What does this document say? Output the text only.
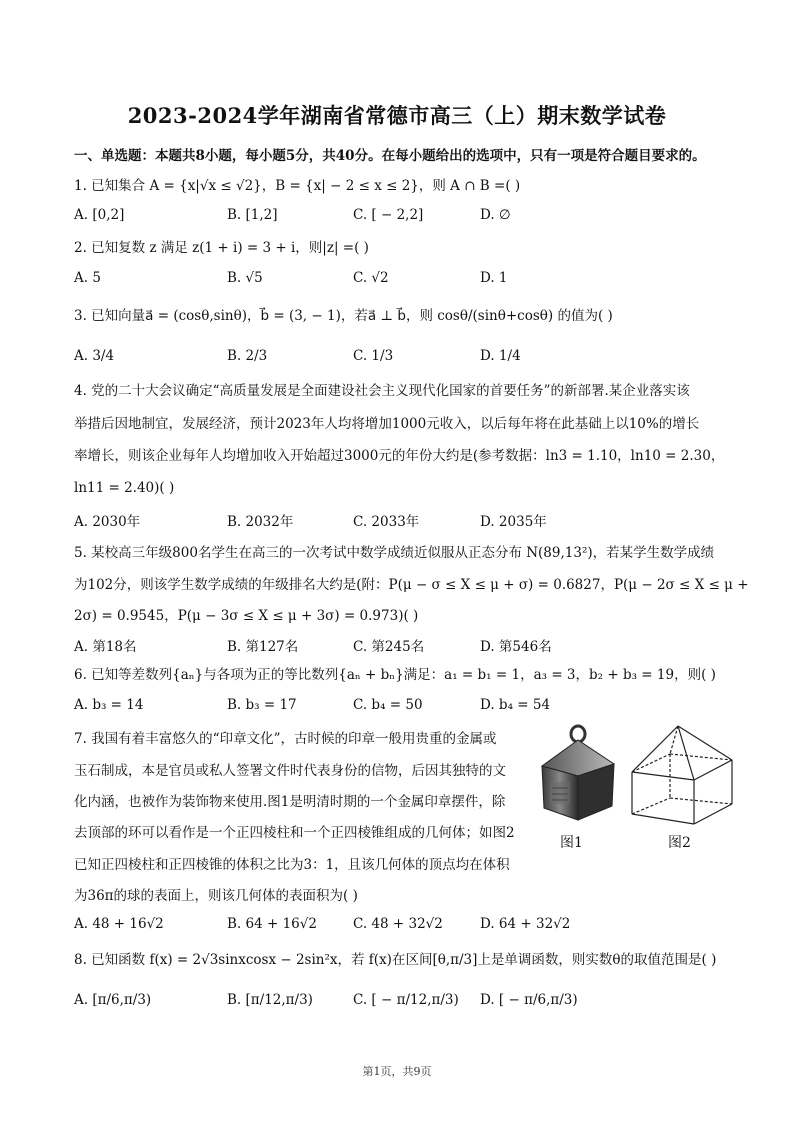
2023-2024学年湖南省常德市高三（上）期末数学试卷
一、单选题：本题共8小题，每小题5分，共40分。在每小题给出的选项中，只有一项是符合题目要求的。
1. 已知集合 A = {x|√x ≤ √2}，B = {x| − 2 ≤ x ≤ 2}，则 A ∩ B =( )
A. [0,2]	B. [1,2]	C. [ − 2,2]	D. ∅
2. 已知复数 z 满足 z(1 + i) = 3 + i，则|z| =( )
A. 5	B. √5	C. √2	D. 1
3. 已知向量a⃗ = (cosθ,sinθ)，b⃗ = (3, − 1)，若a⃗ ⊥ b⃗，则 cosθ/(sinθ+cosθ) 的值为( )
A. 3/4	B. 2/3	C. 1/3	D. 1/4
4. 党的二十大会议确定“高质量发展是全面建设社会主义现代化国家的首要任务”的新部署.某企业落实该
举措后因地制宜，发展经济，预计2023年人均将增加1000元收入，以后每年将在此基础上以10%的增长
率增长，则该企业每年人均增加收入开始超过3000元的年份大约是(参考数据：ln3 = 1.10，ln10 = 2.30，
ln11 = 2.40)( )
A. 2030年	B. 2032年	C. 2033年	D. 2035年
5. 某校高三年级800名学生在高三的一次考试中数学成绩近似服从正态分布 N(89,13²)，若某学生数学成绩
为102分，则该学生数学成绩的年级排名大约是(附：P(μ − σ ≤ X ≤ μ + σ) = 0.6827，P(μ − 2σ ≤ X ≤ μ +
2σ) = 0.9545，P(μ − 3σ ≤ X ≤ μ + 3σ) = 0.973)( )
A. 第18名	B. 第127名	C. 第245名	D. 第546名
6. 已知等差数列{aₙ}与各项为正的等比数列{aₙ + bₙ}满足：a₁ = b₁ = 1，a₃ = 3，b₂ + b₃ = 19，则( )
A. b₃ = 14	B. b₃ = 17	C. b₄ = 50	D. b₄ = 54
7. 我国有着丰富悠久的“印章文化”，古时候的印章一般用贵重的金属或
玉石制成，本是官员或私人签署文件时代表身份的信物，后因其独特的文
化内涵，也被作为装饰物来使用.图1是明清时期的一个金属印章摆件，除
去顶部的环可以看作是一个正四棱柱和一个正四棱锥组成的几何体；如图2
已知正四棱柱和正四棱锥的体积之比为3：1，且该几何体的顶点均在体积
为36π的球的表面上，则该几何体的表面积为( )
A. 48 + 16√2	B. 64 + 16√2	C. 48 + 32√2	D. 64 + 32√2
图1	图2
8. 已知函数 f(x) = 2√3sinxcosx − 2sin²x，若 f(x)在区间[θ,π/3]上是单调函数，则实数θ的取值范围是( )
A. [π/6,π/3)	B. [π/12,π/3)	C. [ − π/12,π/3) D. [ − π/6,π/3)
第1页，共9页
